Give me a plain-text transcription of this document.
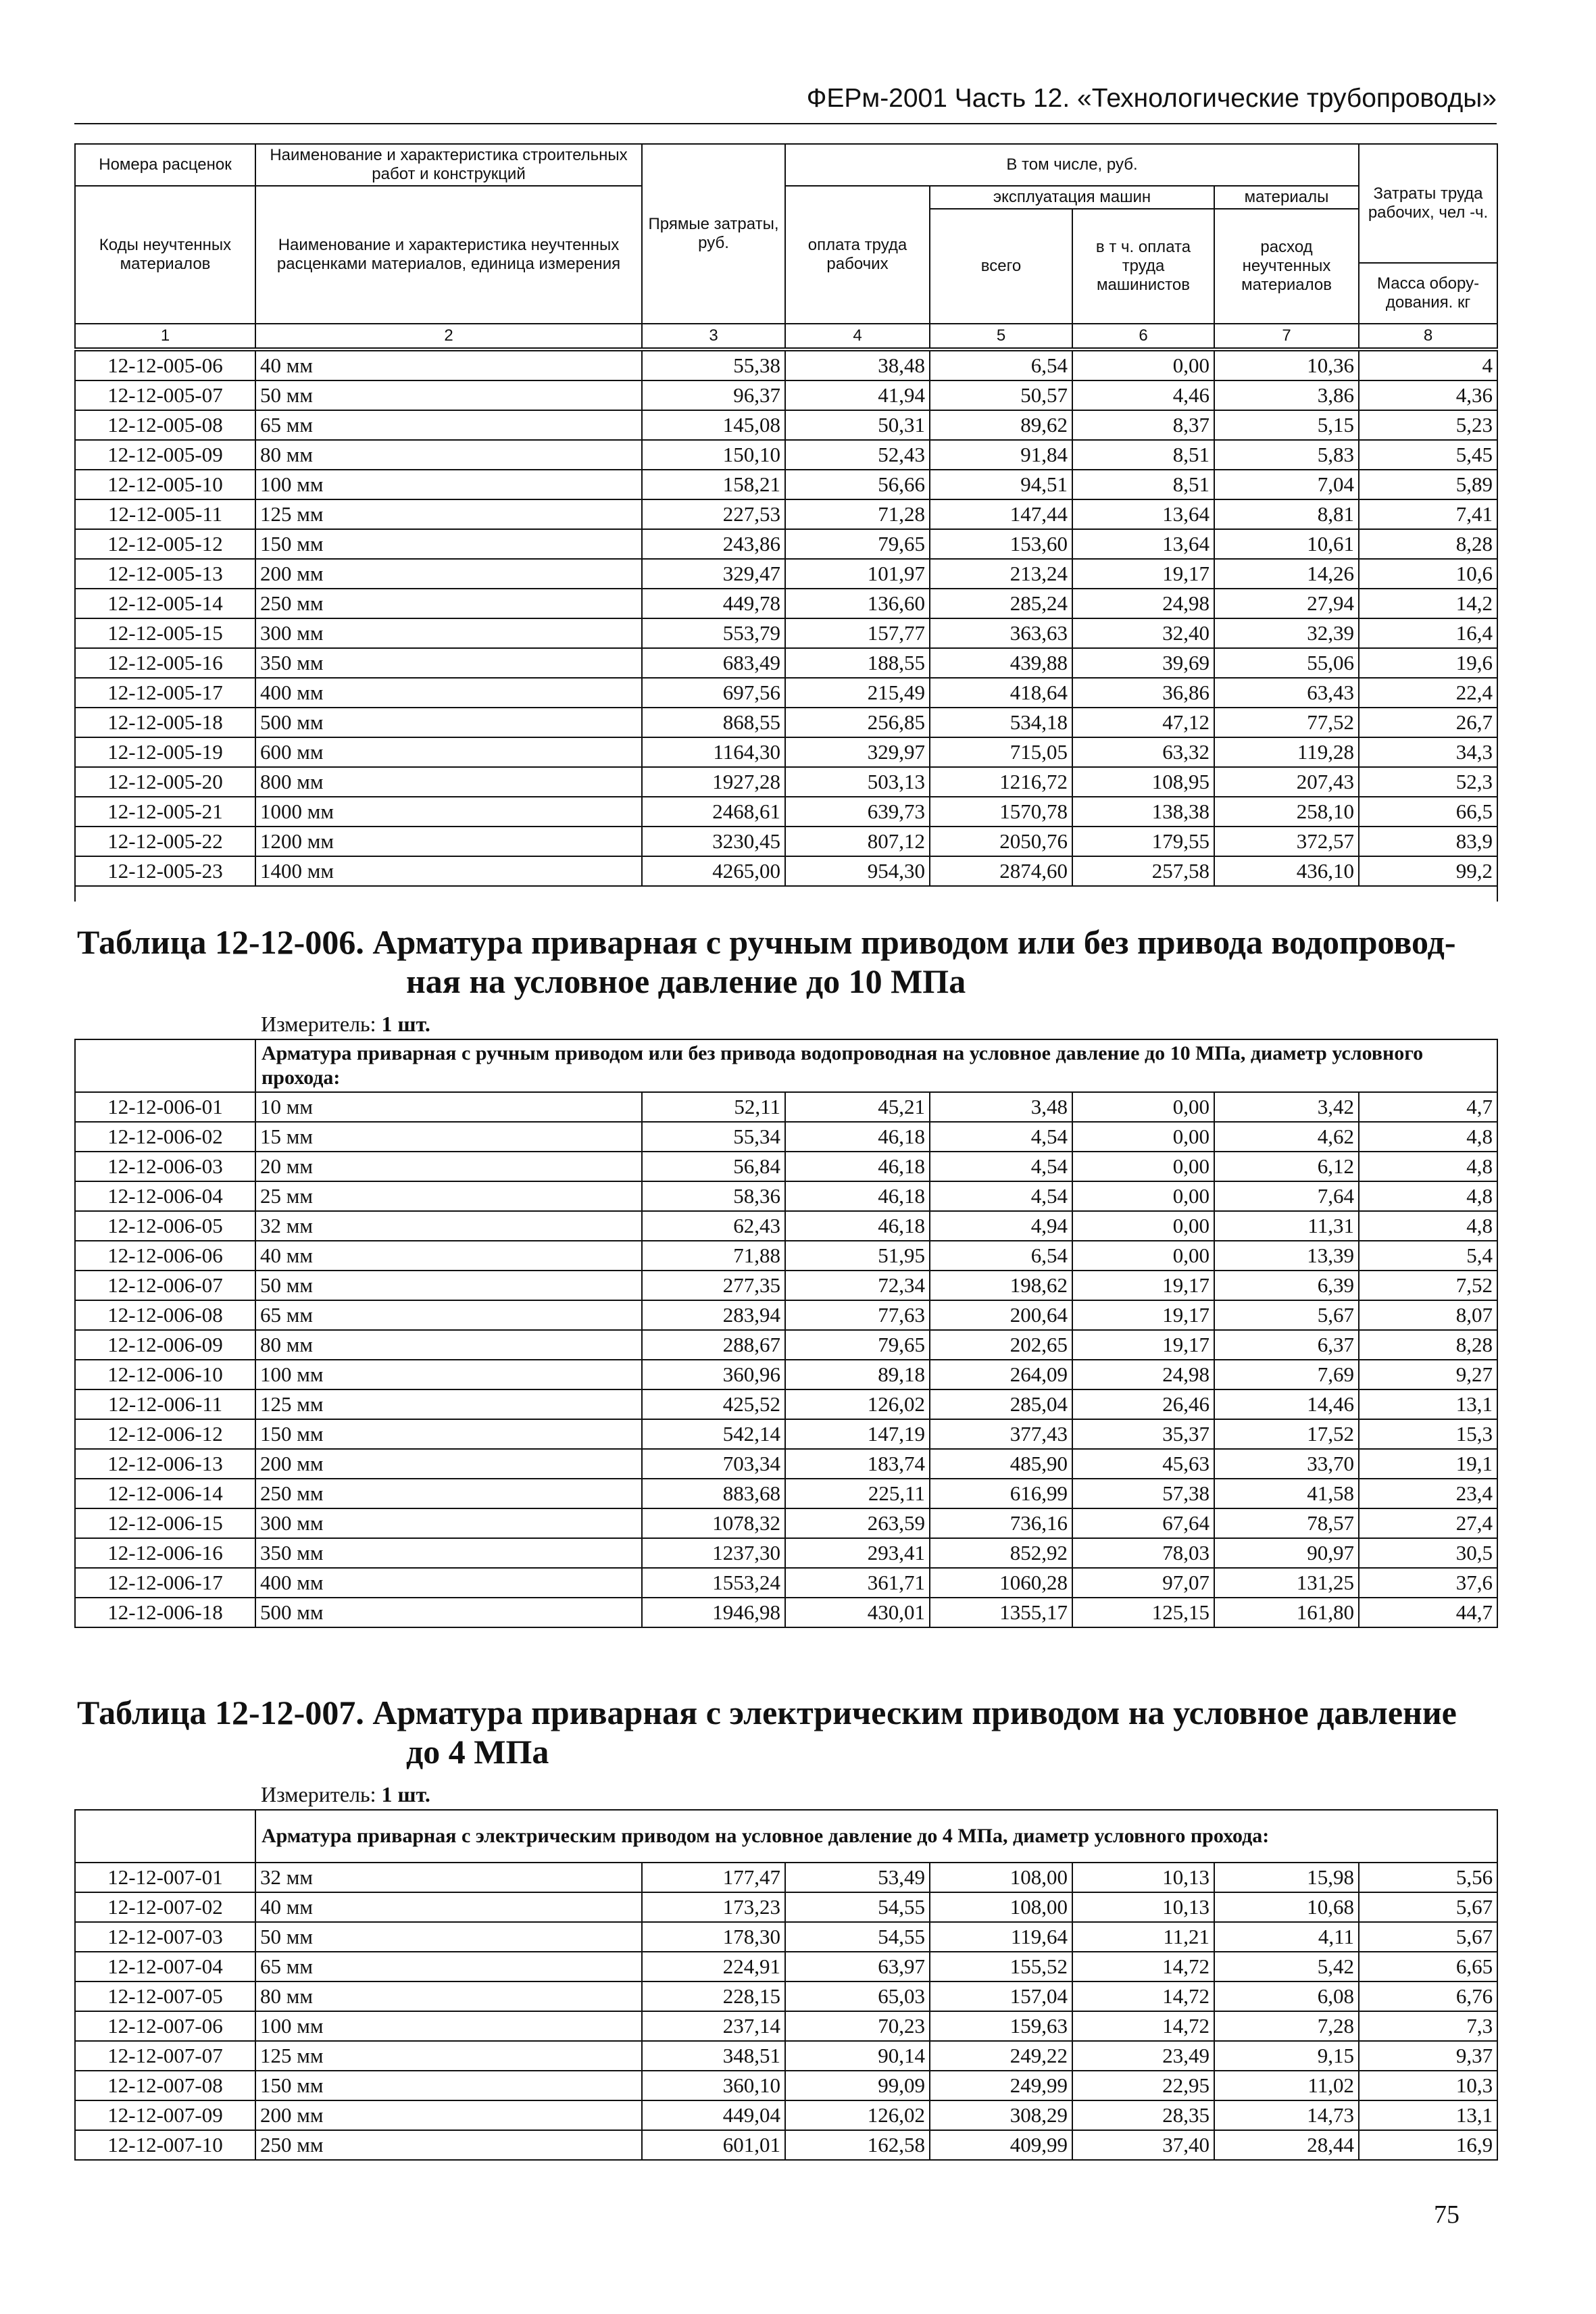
ФЕРм-2001 Часть 12. «Технологические трубопроводы»
Номера расценок	Наименование и характеристика строительных работ и конструкций	Прямые затраты, руб.	В том числе, руб.				Затраты труда рабочих, чел -ч.
Коды неучтенных материалов	Наименование и характеристика неучтенных расценками материалов, единица измерения		оплата труда рабочих	эксплуатация машин		материалы	
				всего	в т ч. оплата труда машинистов	расход неучтенных материалов	
							Масса обору-дования. кг
1	2	3	4	5	6	7	8
12-12-005-06	40 мм	55,38	38,48	6,54	0,00	10,36	4
12-12-005-07	50 мм	96,37	41,94	50,57	4,46	3,86	4,36
12-12-005-08	65 мм	145,08	50,31	89,62	8,37	5,15	5,23
12-12-005-09	80 мм	150,10	52,43	91,84	8,51	5,83	5,45
12-12-005-10	100 мм	158,21	56,66	94,51	8,51	7,04	5,89
12-12-005-11	125 мм	227,53	71,28	147,44	13,64	8,81	7,41
12-12-005-12	150 мм	243,86	79,65	153,60	13,64	10,61	8,28
12-12-005-13	200 мм	329,47	101,97	213,24	19,17	14,26	10,6
12-12-005-14	250 мм	449,78	136,60	285,24	24,98	27,94	14,2
12-12-005-15	300 мм	553,79	157,77	363,63	32,40	32,39	16,4
12-12-005-16	350 мм	683,49	188,55	439,88	39,69	55,06	19,6
12-12-005-17	400 мм	697,56	215,49	418,64	36,86	63,43	22,4
12-12-005-18	500 мм	868,55	256,85	534,18	47,12	77,52	26,7
12-12-005-19	600 мм	1164,30	329,97	715,05	63,32	119,28	34,3
12-12-005-20	800 мм	1927,28	503,13	1216,72	108,95	207,43	52,3
12-12-005-21	1000 мм	2468,61	639,73	1570,78	138,38	258,10	66,5
12-12-005-22	1200 мм	3230,45	807,12	2050,76	179,55	372,57	83,9
12-12-005-23	1400 мм	4265,00	954,30	2874,60	257,58	436,10	99,2

Таблица 12-12-006. Арматура приварная с ручным приводом или без привода водопровод-
ная на условное давление до 10 МПа
Измеритель: 1 шт.
	Арматура приварная с ручным приводом или без привода водопроводная на условное давление до 10 МПа, диаметр условного прохода:						
12-12-006-01	10 мм	52,11	45,21	3,48	0,00	3,42	4,7
12-12-006-02	15 мм	55,34	46,18	4,54	0,00	4,62	4,8
12-12-006-03	20 мм	56,84	46,18	4,54	0,00	6,12	4,8
12-12-006-04	25 мм	58,36	46,18	4,54	0,00	7,64	4,8
12-12-006-05	32 мм	62,43	46,18	4,94	0,00	11,31	4,8
12-12-006-06	40 мм	71,88	51,95	6,54	0,00	13,39	5,4
12-12-006-07	50 мм	277,35	72,34	198,62	19,17	6,39	7,52
12-12-006-08	65 мм	283,94	77,63	200,64	19,17	5,67	8,07
12-12-006-09	80 мм	288,67	79,65	202,65	19,17	6,37	8,28
12-12-006-10	100 мм	360,96	89,18	264,09	24,98	7,69	9,27
12-12-006-11	125 мм	425,52	126,02	285,04	26,46	14,46	13,1
12-12-006-12	150 мм	542,14	147,19	377,43	35,37	17,52	15,3
12-12-006-13	200 мм	703,34	183,74	485,90	45,63	33,70	19,1
12-12-006-14	250 мм	883,68	225,11	616,99	57,38	41,58	23,4
12-12-006-15	300 мм	1078,32	263,59	736,16	67,64	78,57	27,4
12-12-006-16	350 мм	1237,30	293,41	852,92	78,03	90,97	30,5
12-12-006-17	400 мм	1553,24	361,71	1060,28	97,07	131,25	37,6
12-12-006-18	500 мм	1946,98	430,01	1355,17	125,15	161,80	44,7
Таблица 12-12-007. Арматура приварная с электрическим приводом на условное давление
до 4 МПа
Измеритель: 1 шт.
	Арматура приварная с электрическим приводом на условное давление до 4 МПа, диаметр условного прохода:						
12-12-007-01	32 мм	177,47	53,49	108,00	10,13	15,98	5,56
12-12-007-02	40 мм	173,23	54,55	108,00	10,13	10,68	5,67
12-12-007-03	50 мм	178,30	54,55	119,64	11,21	4,11	5,67
12-12-007-04	65 мм	224,91	63,97	155,52	14,72	5,42	6,65
12-12-007-05	80 мм	228,15	65,03	157,04	14,72	6,08	6,76
12-12-007-06	100 мм	237,14	70,23	159,63	14,72	7,28	7,3
12-12-007-07	125 мм	348,51	90,14	249,22	23,49	9,15	9,37
12-12-007-08	150 мм	360,10	99,09	249,99	22,95	11,02	10,3
12-12-007-09	200 мм	449,04	126,02	308,29	28,35	14,73	13,1
12-12-007-10	250 мм	601,01	162,58	409,99	37,40	28,44	16,9
75
